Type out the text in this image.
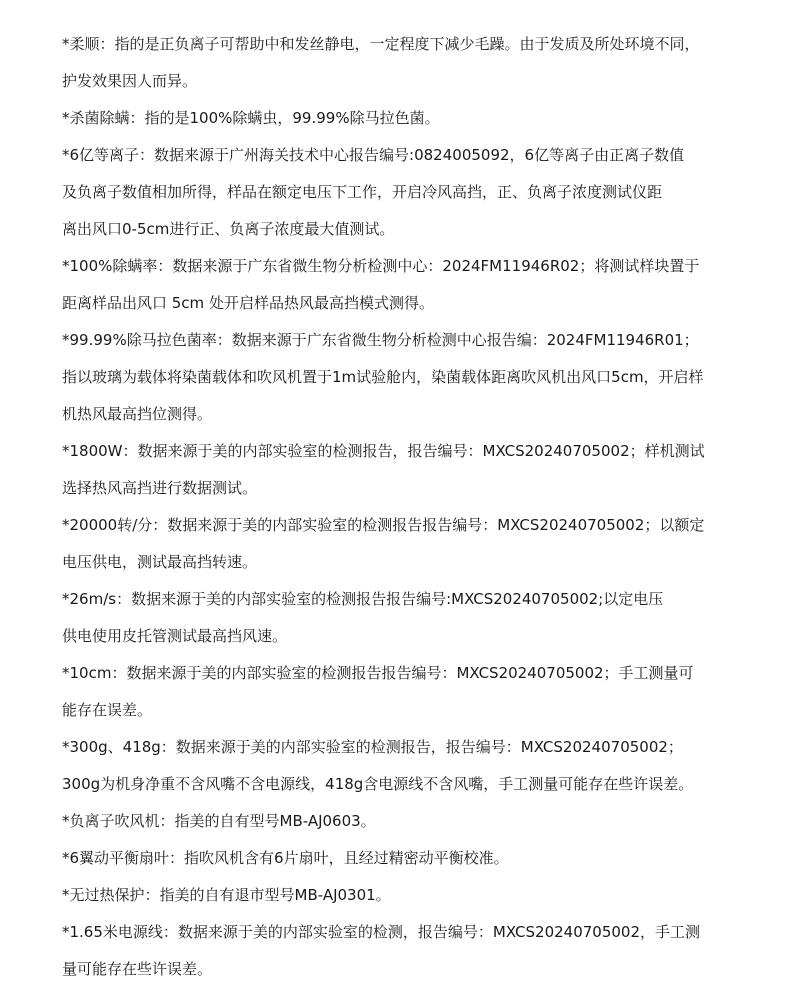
*柔顺：指的是正负离子可帮助中和发丝静电，一定程度下减少毛躁。由于发质及所处环境不同，
护发效果因人而异。
*杀菌除螨：指的是100%除螨虫，99.99%除马拉色菌。
*6亿等离子：数据来源于广州海关技术中心报告编号:0824005092，6亿等离子由正离子数值
及负离子数值相加所得，样品在额定电压下工作，开启冷风高挡，正、负离子浓度测试仪距
离出风口0-5cm进行正、负离子浓度最大值测试。
*100%除螨率：数据来源于广东省微生物分析检测中心：2024FM11946R02；将测试样块置于
距离样品出风口 5cm 处开启样品热风最高挡模式测得。
*99.99%除马拉色菌率：数据来源于广东省微生物分析检测中心报告编：2024FM11946R01；
指以玻璃为载体将染菌载体和吹风机置于1m试验舱内，染菌载体距离吹风机出风口5cm，开启样
机热风最高挡位测得。
*1800W：数据来源于美的内部实验室的检测报告，报告编号：MXCS20240705002；样机测试
选择热风高挡进行数据测试。
*20000转/分：数据来源于美的内部实验室的检测报告报告编号：MXCS20240705002；以额定
电压供电，测试最高挡转速。
*26m/s：数据来源于美的内部实验室的检测报告报告编号:MXCS20240705002;以定电压
供电使用皮托管测试最高挡风速。
*10cm：数据来源于美的内部实验室的检测报告报告编号：MXCS20240705002；手工测量可
能存在误差。
*300g、418g：数据来源于美的内部实验室的检测报告，报告编号：MXCS20240705002；
300g为机身净重不含风嘴不含电源线，418g含电源线不含风嘴，手工测量可能存在些许误差。
*负离子吹风机：指美的自有型号MB-AJ0603。
*6翼动平衡扇叶：指吹风机含有6片扇叶，且经过精密动平衡校准。
*无过热保护：指美的自有退市型号MB-AJ0301。
*1.65米电源线：数据来源于美的内部实验室的检测，报告编号：MXCS20240705002，手工测
量可能存在些许误差。
